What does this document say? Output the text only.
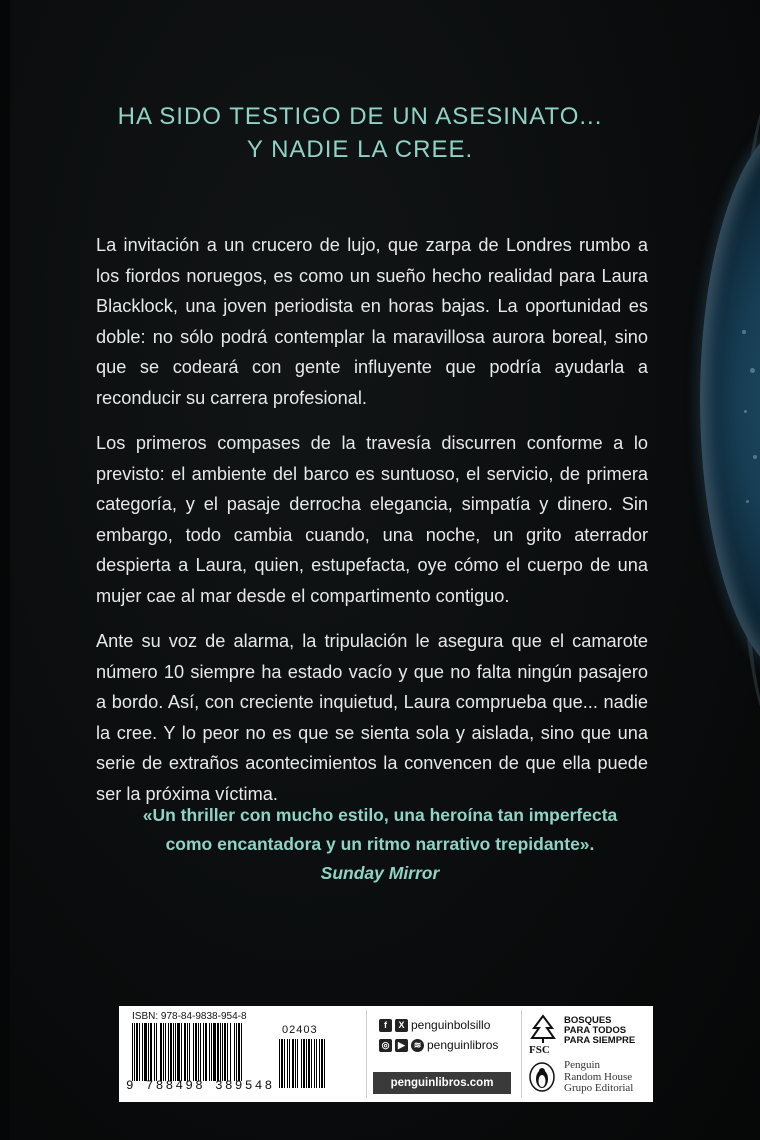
HA SIDO TESTIGO DE UN ASESINATO...
Y NADIE LA CREE.

La invitación a un crucero de lujo, que zarpa de Londres rumbo a los fiordos noruegos, es como un sueño hecho realidad para Laura Blacklock, una joven periodista en horas bajas. La oportunidad es doble: no sólo podrá contemplar la maravillosa aurora boreal, sino que se codeará con gente influyente que podría ayudarla a reconducir su carrera profesional.

Los primeros compases de la travesía discurren conforme a lo previsto: el ambiente del barco es suntuoso, el servicio, de primera categoría, y el pasaje derrocha elegancia, simpatía y dinero. Sin embargo, todo cambia cuando, una noche, un grito aterrador despierta a Laura, quien, estupefacta, oye cómo el cuerpo de una mujer cae al mar desde el compartimento contiguo.

Ante su voz de alarma, la tripulación le asegura que el camarote número 10 siempre ha estado vacío y que no falta ningún pasajero a bordo. Así, con creciente inquietud, Laura comprueba que... nadie la cree. Y lo peor no es que se sienta sola y aislada, sino que una serie de extraños acontecimientos la convencen de que ella puede ser la próxima víctima.

«Un thriller con mucho estilo, una heroína tan imperfecta
como encantadora y un ritmo narrativo trepidante».
Sunday Mirror
ISBN: 978-84-9838-954-8
02403
9 788498 389548
f	X penguinbolsillo
◎ ▶ ≋ penguinlibros
penguinlibros.com
FSC
BOSQUES
PARA TODOS
PARA SIEMPRE
Penguin
Random House
Grupo Editorial
